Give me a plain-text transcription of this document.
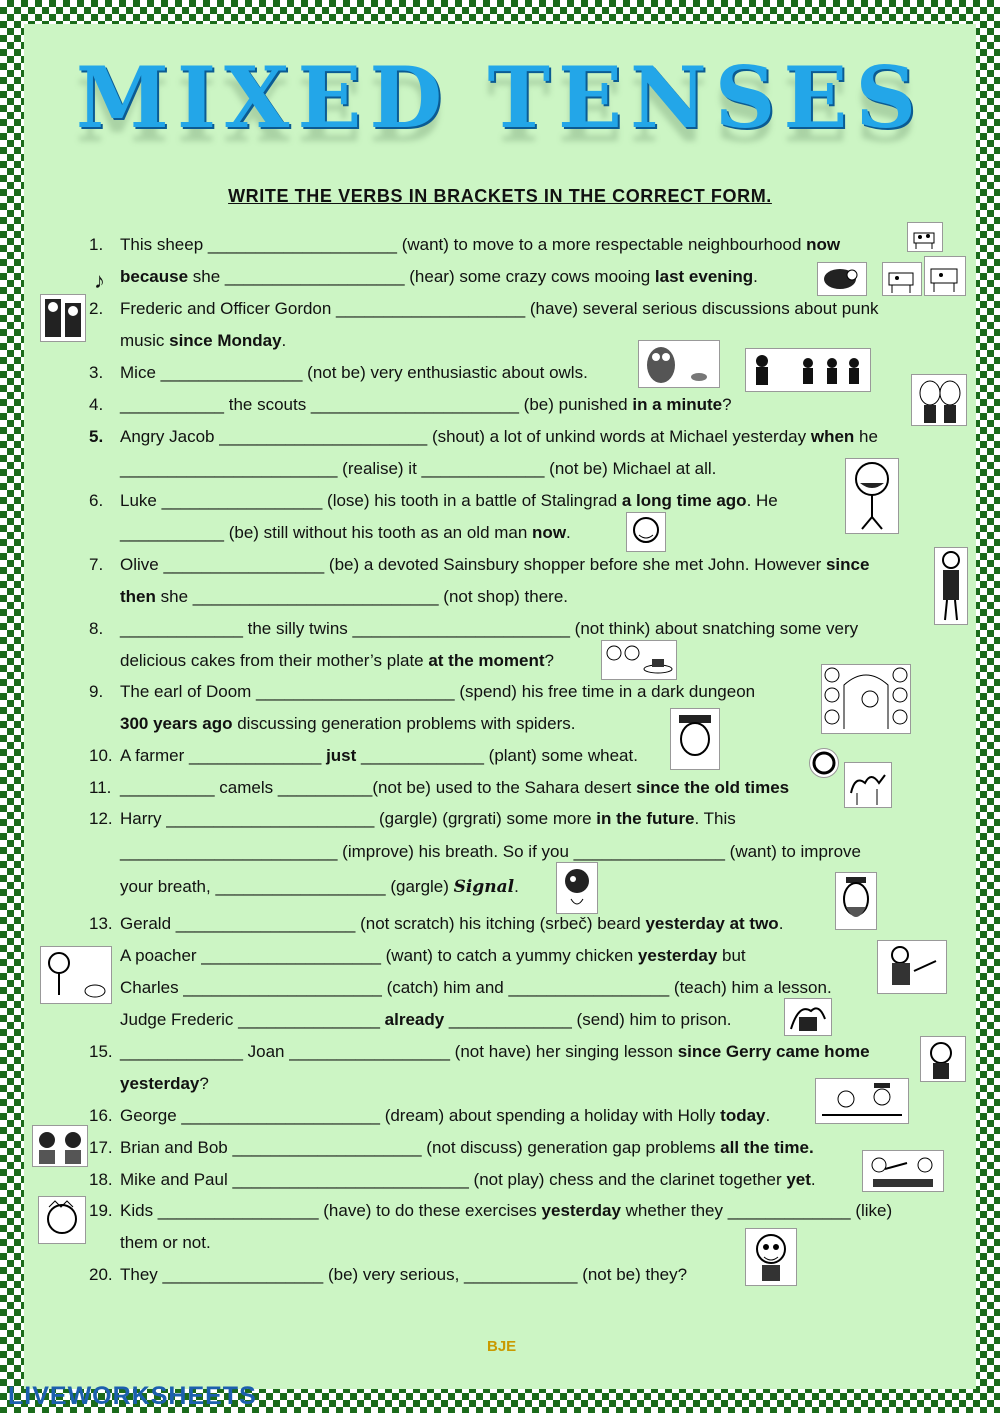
MIXED TENSES
WRITE THE VERBS IN BRACKETS IN THE CORRECT FORM.
1. This sheep ____________________ (want) to move to a more respectable neighbourhood now
because she ___________________ (hear) some crazy cows mooing last evening.
2. Frederic and Officer Gordon ____________________ (have) several serious discussions about punk
music since Monday.
3. Mice _______________ (not be) very enthusiastic about owls.
4. ___________ the scouts ______________________ (be) punished in a minute?
5. Angry Jacob ______________________ (shout) a lot of unkind words at Michael yesterday when he
_______________________ (realise) it _____________ (not be) Michael at all.
6. Luke _________________ (lose) his tooth in a battle of Stalingrad a long time ago. He
___________ (be) still without his tooth as an old man now.
7. Olive _________________ (be) a devoted Sainsbury shopper before she met John. However since
then she __________________________ (not shop) there.
8. _____________ the silly twins _______________________ (not think) about snatching some very
delicious cakes from their mother’s plate at the moment?
9. The earl of Doom _____________________ (spend) his free time in a dark dungeon
300 years ago discussing generation problems with spiders.
10. A farmer ______________ just _____________ (plant) some wheat.
11. __________ camels __________(not be) used to the Sahara desert since the old times
12. Harry ______________________ (gargle) (grgrati) some more in the future. This
_______________________ (improve) his breath. So if you ________________ (want) to improve
your breath, __________________ (gargle) Signal.
13. Gerald ___________________ (not scratch) his itching (srbeč) beard yesterday at two.
A poacher ___________________ (want) to catch a yummy chicken yesterday but
Charles _____________________ (catch) him and _________________ (teach) him a lesson.
Judge Frederic _______________ already _____________ (send) him to prison.
15. _____________ Joan _________________ (not have) her singing lesson since Gerry came home
yesterday?
16. George _____________________ (dream) about spending a holiday with Holly today.
17. Brian and Bob ____________________ (not discuss) generation gap problems all the time.
18. Mike and Paul _________________________ (not play) chess and the clarinet together yet.
19. Kids _________________ (have) to do these exercises yesterday whether they _____________ (like)
them or not.
20. They _________________ (be) very serious, ____________ (not be) they?
♪
BJE
LIVEWORKSHEETS
